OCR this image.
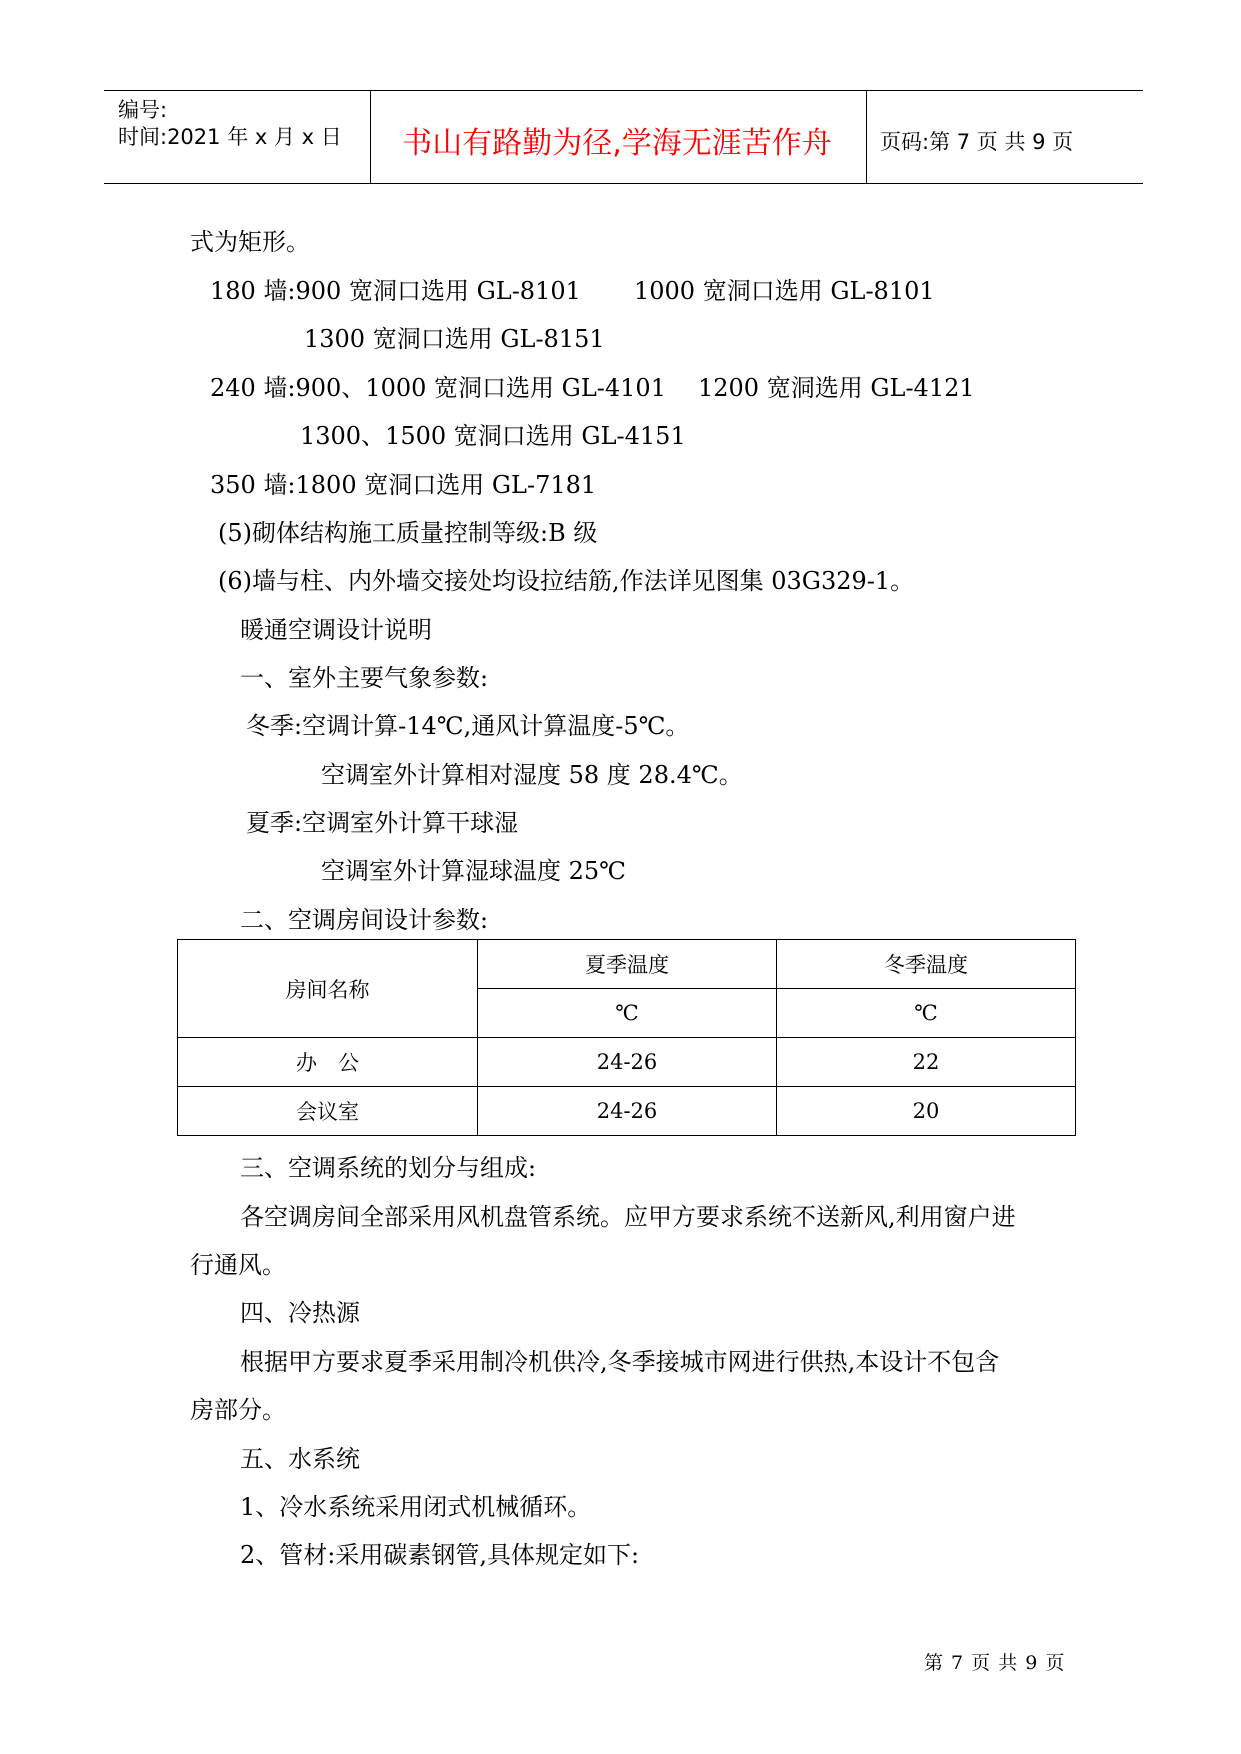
编号:
时间:2021 年 x 月 x 日	书山有路勤为径,学海无涯苦作舟	页码:第 7 页 共 9 页
式为矩形。
180 墙:900 宽洞口选用 GL-8101 1000 宽洞口选用 GL-8101
1300 宽洞口选用 GL-8151
240 墙:900、1000 宽洞口选用 GL-4101 1200 宽洞选用 GL-4121
1300、1500 宽洞口选用 GL-4151
350 墙:1800 宽洞口选用 GL-7181
(5)砌体结构施工质量控制等级:B 级
(6)墙与柱、内外墙交接处均设拉结筋,作法详见图集 03G329-1。
暖通空调设计说明
一、室外主要气象参数:
冬季:空调计算-14℃,通风计算温度-5℃。
空调室外计算相对湿度 58 度 28.4℃。
夏季:空调室外计算干球湿
空调室外计算湿球温度 25℃
二、空调房间设计参数:
房间名称	夏季温度	冬季温度
	℃	℃
办　公	24-26	22
会议室	24-26	20
三、空调系统的划分与组成:
各空调房间全部采用风机盘管系统。应甲方要求系统不送新风,利用窗户进
行通风。
四、冷热源
根据甲方要求夏季采用制冷机供冷,冬季接城市网进行供热,本设计不包含
房部分。
五、水系统
1、冷水系统采用闭式机械循环。
2、管材:采用碳素钢管,具体规定如下:
第 7 页 共 9 页
